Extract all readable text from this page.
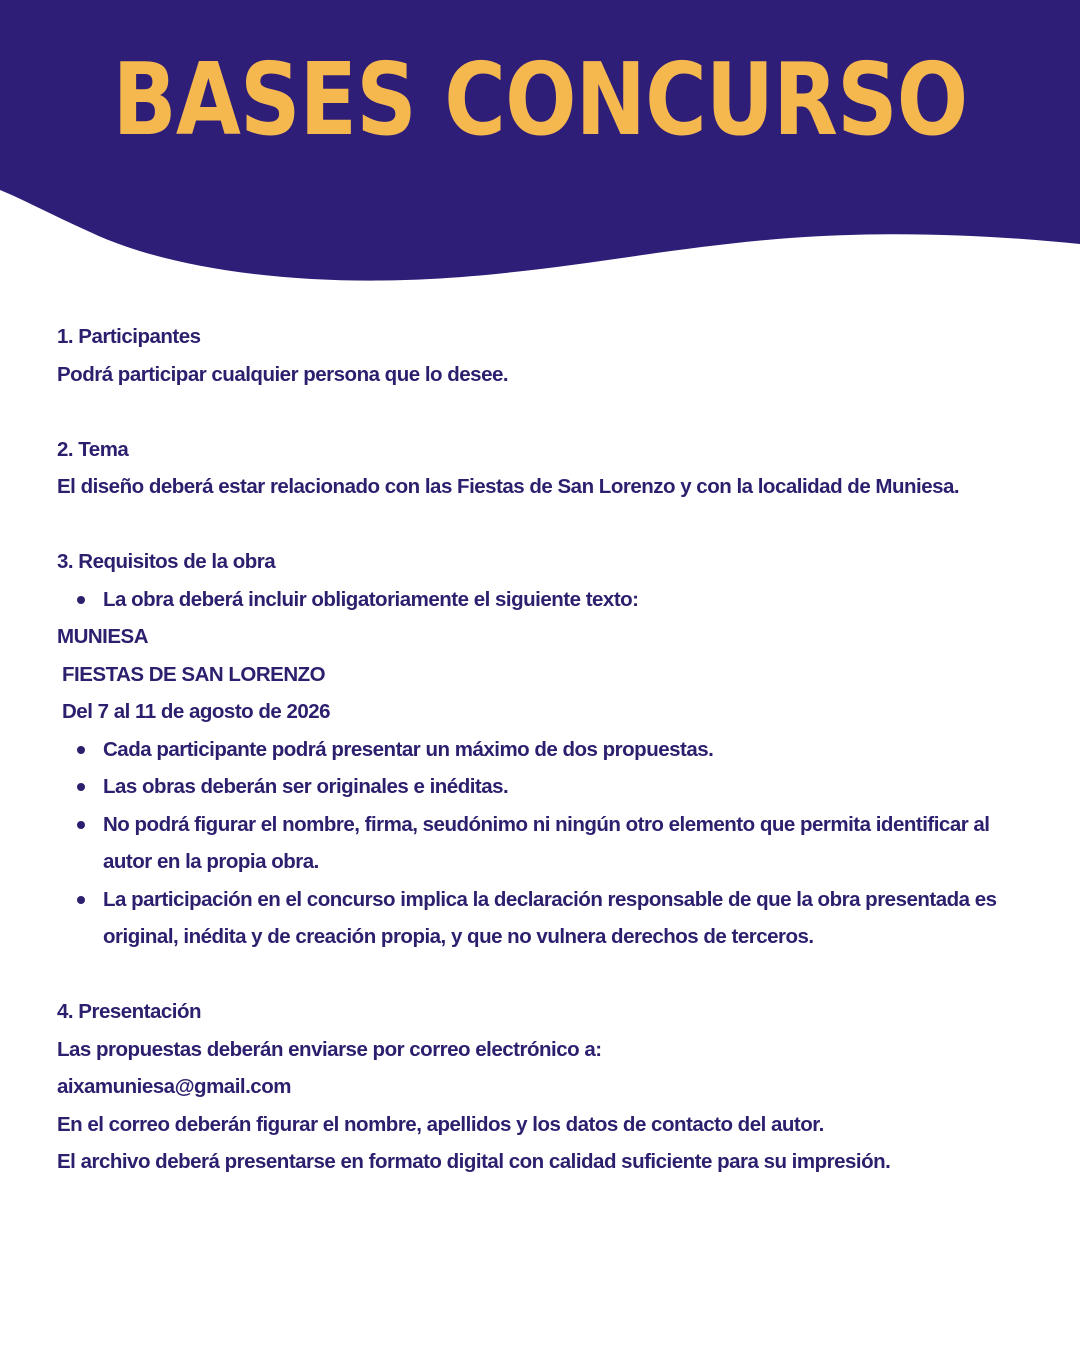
BASES CONCURSO
1. Participantes
Podrá participar cualquier persona que lo desee.
2. Tema
El diseño deberá estar relacionado con las Fiestas de San Lorenzo y con la localidad de Muniesa.
3. Requisitos de la obra
La obra deberá incluir obligatoriamente el siguiente texto:
MUNIESA
FIESTAS DE SAN LORENZO
Del 7 al 11 de agosto de 2026
Cada participante podrá presentar un máximo de dos propuestas.
Las obras deberán ser originales e inéditas.
No podrá figurar el nombre, firma, seudónimo ni ningún otro elemento que permita identificar al autor en la propia obra.
La participación en el concurso implica la declaración responsable de que la obra presentada es original, inédita y de creación propia, y que no vulnera derechos de terceros.
4. Presentación
Las propuestas deberán enviarse por correo electrónico a:
aixamuniesa@gmail.com
En el correo deberán figurar el nombre, apellidos y los datos de contacto del autor.
El archivo deberá presentarse en formato digital con calidad suficiente para su impresión.
